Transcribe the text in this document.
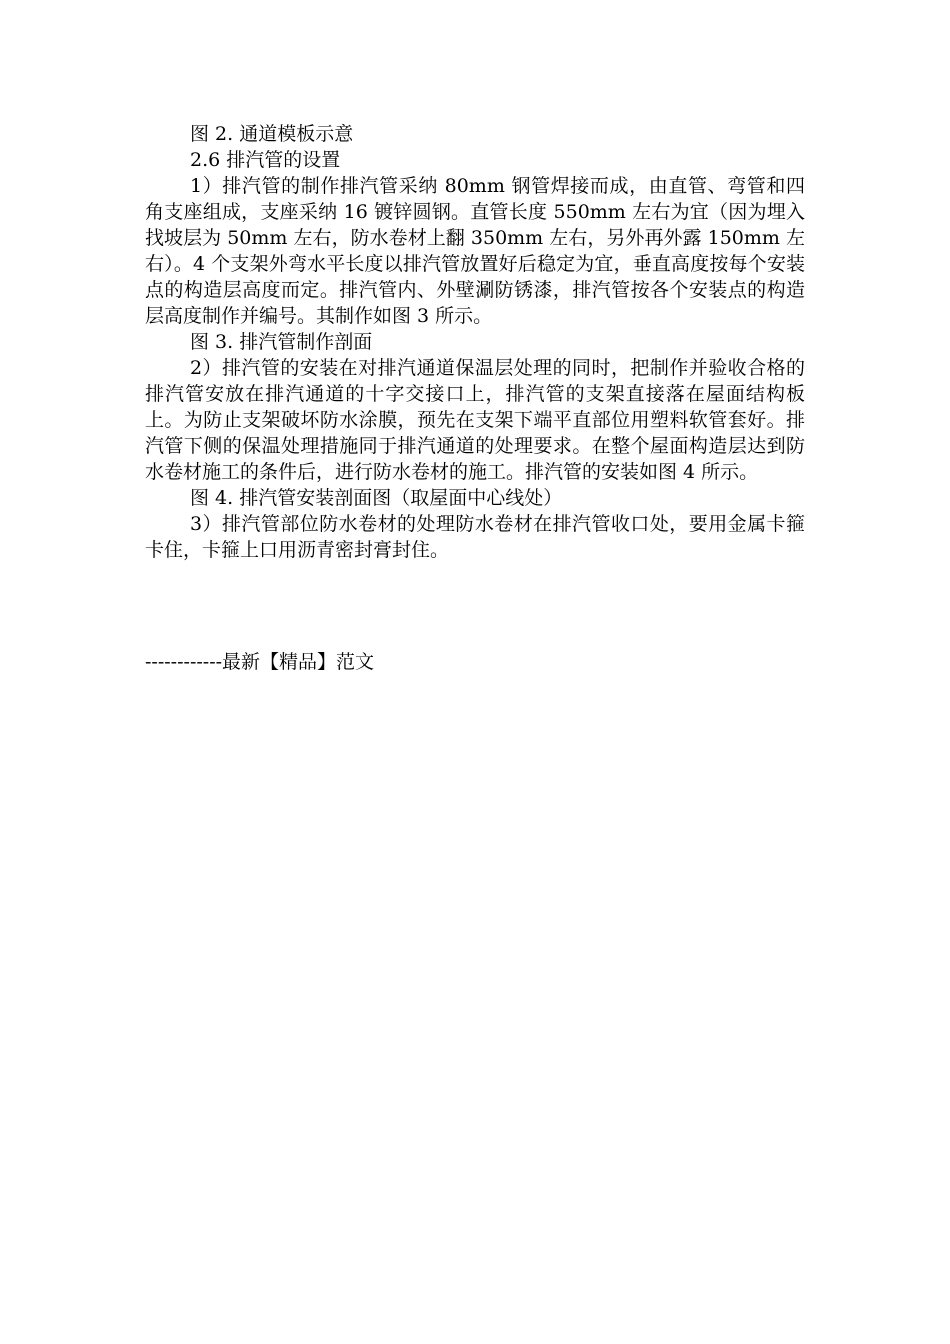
图 2. 通道模板示意

2.6 排汽管的设置

1）排汽管的制作排汽管采纳 80mm 钢管焊接而成，由直管、弯管和四角支座组成，支座采纳 16 镀锌圆钢。直管长度 550mm 左右为宜（因为埋入找坡层为 50mm 左右，防水卷材上翻 350mm 左右，另外再外露 150mm 左右）。4 个支架外弯水平长度以排汽管放置好后稳定为宜，垂直高度按每个安装点的构造层高度而定。排汽管内、外壁涮防锈漆，排汽管按各个安装点的构造层高度制作并编号。其制作如图 3 所示。

图 3. 排汽管制作剖面

2）排汽管的安装在对排汽通道保温层处理的同时，把制作并验收合格的排汽管安放在排汽通道的十字交接口上，排汽管的支架直接落在屋面结构板上。为防止支架破坏防水涂膜，预先在支架下端平直部位用塑料软管套好。排汽管下侧的保温处理措施同于排汽通道的处理要求。在整个屋面构造层达到防水卷材施工的条件后，进行防水卷材的施工。排汽管的安装如图 4 所示。

图 4. 排汽管安装剖面图（取屋面中心线处）

3）排汽管部位防水卷材的处理防水卷材在排汽管收口处，要用金属卡箍卡住，卡箍上口用沥青密封膏封住。

------------最新【精品】范文
